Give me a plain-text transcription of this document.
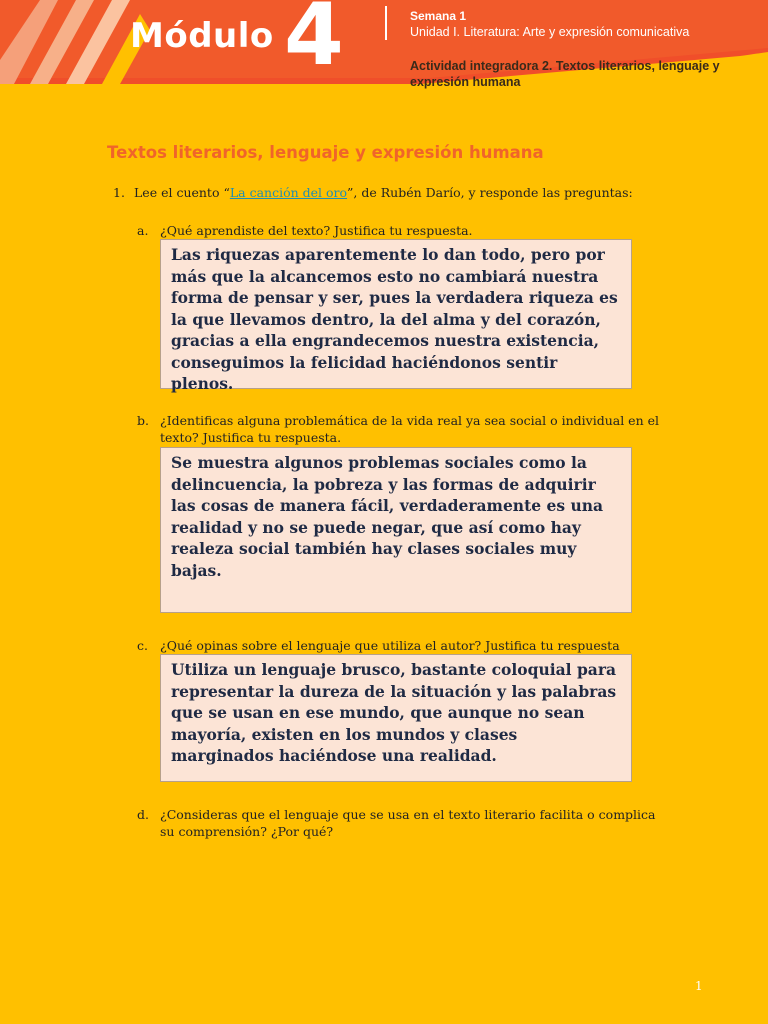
Módulo 4	Semana 1
Unidad I. Literatura: Arte y expresión comunicativa
Actividad integradora 2. Textos literarios, lenguaje y expresión humana
Textos literarios, lenguaje y expresión humana
1. Lee el cuento “La canción del oro”, de Rubén Darío, y responde las preguntas:
a. ¿Qué aprendiste del texto? Justifica tu respuesta.
Las riquezas aparentemente lo dan todo, pero por más que la alcancemos esto no cambiará nuestra forma de pensar y ser, pues la verdadera riqueza es la que llevamos dentro, la del alma y del corazón, gracias a ella engrandecemos nuestra existencia, conseguimos la felicidad haciéndonos sentir plenos.
b. ¿Identificas alguna problemática de la vida real ya sea social o individual en el texto? Justifica tu respuesta.
Se muestra algunos problemas sociales como la delincuencia, la pobreza y las formas de adquirir las cosas de manera fácil, verdaderamente es una realidad y no se puede negar, que así como hay realeza social también hay clases sociales muy bajas.
c. ¿Qué opinas sobre el lenguaje que utiliza el autor? Justifica tu respuesta
Utiliza un lenguaje brusco, bastante coloquial para representar la dureza de la situación y las palabras que se usan en ese mundo, que aunque no sean mayoría, existen en los mundos y clases marginados haciéndose una realidad.
d. ¿Consideras que el lenguaje que se usa en el texto literario facilita o complica su comprensión? ¿Por qué?
1
